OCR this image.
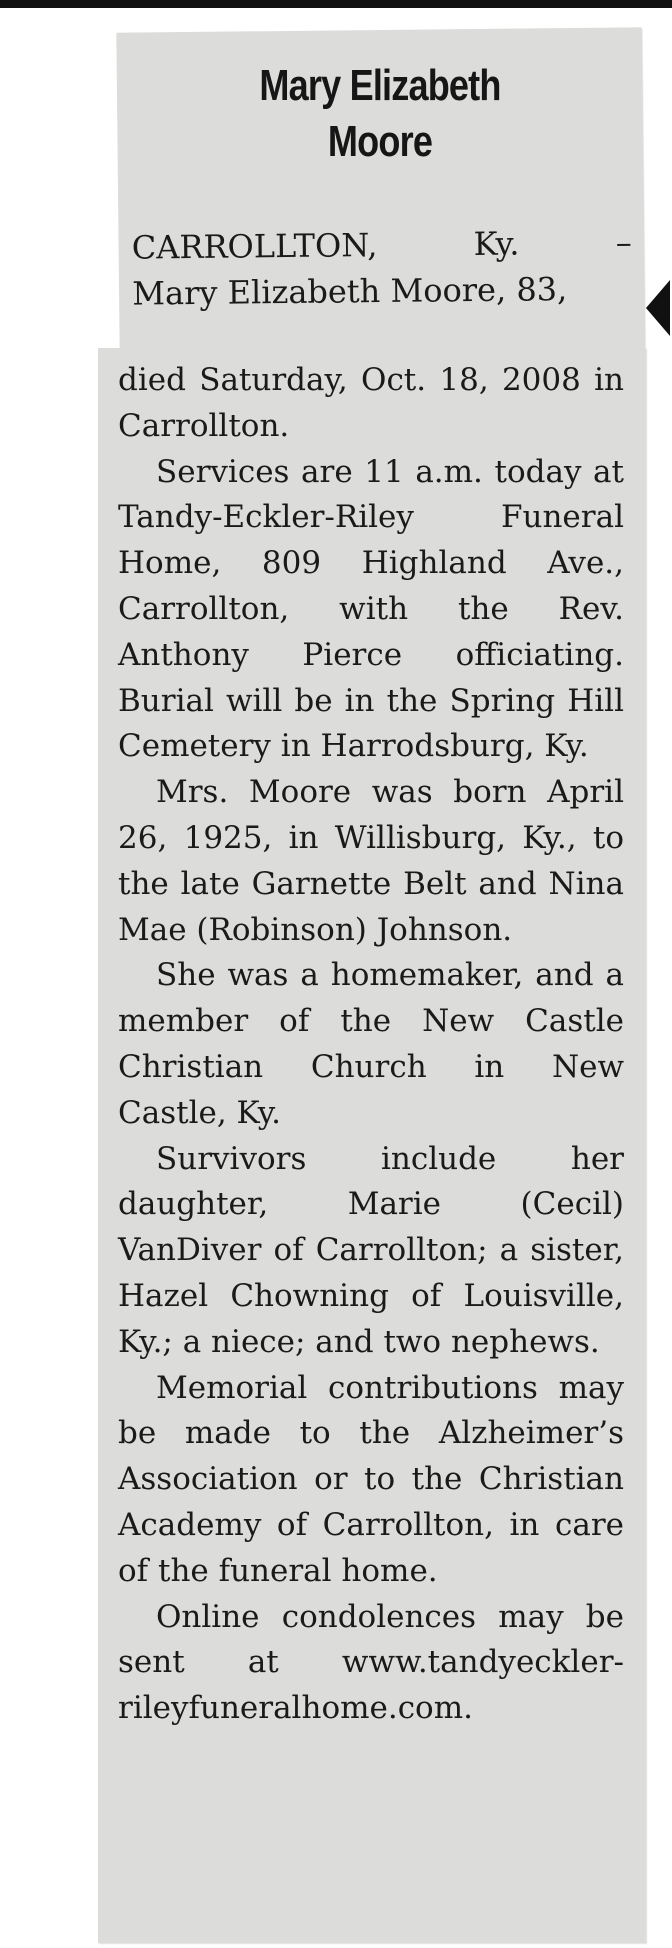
Mary Elizabeth
Moore
CARROLLTON, Ky. –
Mary Elizabeth Moore, 83,

died Saturday, Oct. 18, 2008 in Carrollton.

Services are 11 a.m. today at Tandy-Eckler-Riley Funeral Home, 809 Highland Ave., Carrollton, with the Rev. Anthony Pierce officiating. Burial will be in the Spring Hill Cemetery in Harrodsburg, Ky.

Mrs. Moore was born April 26, 1925, in Willisburg, Ky., to the late Garnette Belt and Nina Mae (Robinson) Johnson.

She was a homemaker, and a member of the New Castle Christian Church in New Castle, Ky.

Survivors include her daughter, Marie (Cecil) VanDiver of Carrollton; a sister, Hazel Chowning of Louisville, Ky.; a niece; and two nephews.

Memorial contributions may be made to the Alzheimer’s Association or to the Christian Academy of Carrollton, in care of the funeral home.

Online condolences may be sent at www.tandyeckler-rileyfuneralhome.com.
